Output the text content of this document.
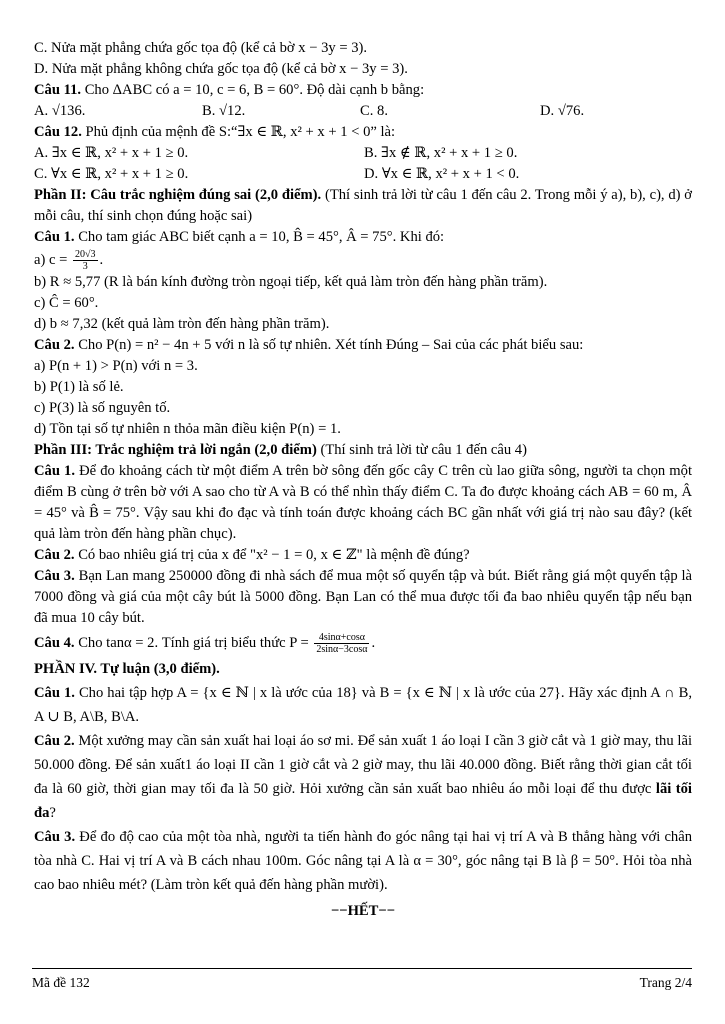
C. Nửa mặt phẳng chứa gốc tọa độ (kể cả bờ x − 3y = 3).
D. Nửa mặt phẳng không chứa gốc tọa độ (kể cả bờ x − 3y = 3).
Câu 11. Cho ΔABC có a = 10, c = 6, B = 60°. Độ dài cạnh b bằng:
A. √136.	B. √12.	C. 8.	D. √76.
Câu 12. Phủ định của mệnh đề S:“∃x ∈ ℝ, x² + x + 1 < 0” là:
A. ∃x ∈ ℝ, x² + x + 1 ≥ 0.	B. ∃x ∉ ℝ, x² + x + 1 ≥ 0.
C. ∀x ∈ ℝ, x² + x + 1 ≥ 0.	D. ∀x ∈ ℝ, x² + x + 1 < 0.
Phần II: Câu trắc nghiệm đúng sai (2,0 điểm). (Thí sinh trả lời từ câu 1 đến câu 2. Trong mỗi ý a), b), c), d) ở mỗi câu, thí sinh chọn đúng hoặc sai)
Câu 1. Cho tam giác ABC biết cạnh a = 10, B̂ = 45°, Â = 75°. Khi đó:
a) $c = \frac{20√3}{3}$ .
b) R ≈ 5,77 (R là bán kính đường tròn ngoại tiếp, kết quả làm tròn đến hàng phần trăm).
c) Ĉ = 60°.
d) b ≈ 7,32 (kết quả làm tròn đến hàng phần trăm).
Câu 2. Cho P(n) = n² − 4n + 5 với n là số tự nhiên. Xét tính Đúng – Sai của các phát biểu sau:
a) P(n + 1) > P(n) với n = 3.
b) P(1) là số lẻ.
c) P(3) là số nguyên tố.
d) Tồn tại số tự nhiên n thỏa mãn điều kiện P(n) = 1.
Phần III: Trắc nghiệm trả lời ngắn (2,0 điểm) (Thí sinh trả lời từ câu 1 đến câu 4)
Câu 1. Để đo khoảng cách từ một điểm A trên bờ sông đến gốc cây C trên cù lao giữa sông, người ta chọn một điểm B cùng ở trên bờ với A sao cho từ A và B có thể nhìn thấy điểm C. Ta đo được khoảng cách AB = 60 m, Â = 45° và B̂ = 75°. Vậy sau khi đo đạc và tính toán được khoảng cách BC gần nhất với giá trị nào sau đây? (kết quả làm tròn đến hàng phần chục).
Câu 2. Có bao nhiêu giá trị của x để "x² − 1 = 0, x ∈ ℤ" là mệnh đề đúng?
Câu 3. Bạn Lan mang 250000 đồng đi nhà sách để mua một số quyển tập và bút. Biết rằng giá một quyển tập là 7000 đồng và giá của một cây bút là 5000 đồng. Bạn Lan có thể mua được tối đa bao nhiêu quyển tập nếu bạn đã mua 10 cây bút.
Câu 4. Cho tanα = 2. Tính giá trị biểu thức $P = \frac{4\sin\alpha+\cos\alpha}{2\sin\alpha-3\cos\alpha}$ .
PHẦN IV. Tự luận (3,0 điểm).
Câu 1. Cho hai tập hợp A = {x ∈ ℕ | x là ước của 18} và B = {x ∈ ℕ | x là ước của 27}. Hãy xác định A ∩ B, A ∪ B, A\B, B\A.
Câu 2. Một xưởng may cần sản xuất hai loại áo sơ mi. Để sản xuất 1 áo loại I cần 3 giờ cắt và 1 giờ may, thu lãi 50.000 đồng. Để sản xuất1 áo loại II cần 1 giờ cắt và 2 giờ may, thu lãi 40.000 đồng. Biết rằng thời gian cắt tối đa là 60 giờ, thời gian may tối đa là 50 giờ. Hỏi xưởng cần sản xuất bao nhiêu áo mỗi loại để thu được lãi tối đa?
Câu 3. Để đo độ cao của một tòa nhà, người ta tiến hành đo góc nâng tại hai vị trí A và B thẳng hàng với chân tòa nhà C. Hai vị trí A và B cách nhau 100m. Góc nâng tại A là α = 30°, góc nâng tại B là β = 50°. Hỏi tòa nhà cao bao nhiêu mét? (Làm tròn kết quả đến hàng phần mười).
−−HẾT−−
Mã đề 132	Trang 2/4
